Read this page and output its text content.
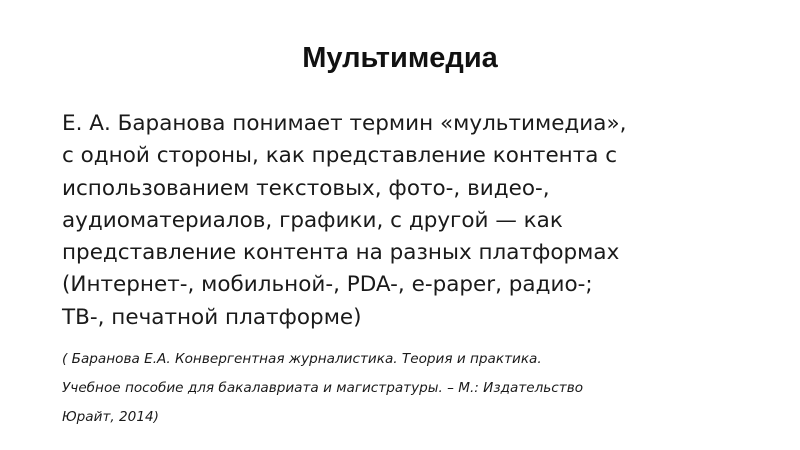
Мультимедиа
Е. А. Баранова понимает термин «мультимедиа»,
с одной стороны, как представление контента с
использованием текстовых, фото-, видео-,
аудиоматериалов, графики, с другой — как
представление контента на разных платформах
(Интернет-, мобильной-, PDA-, e-paper, радио-;
ТВ-, печатной платформе)
( Баранова Е.А. Конвергентная журналистика. Теория и практика.
Учебное пособие для бакалавриата и магистратуры. – М.: Издательство
Юрайт, 2014)
